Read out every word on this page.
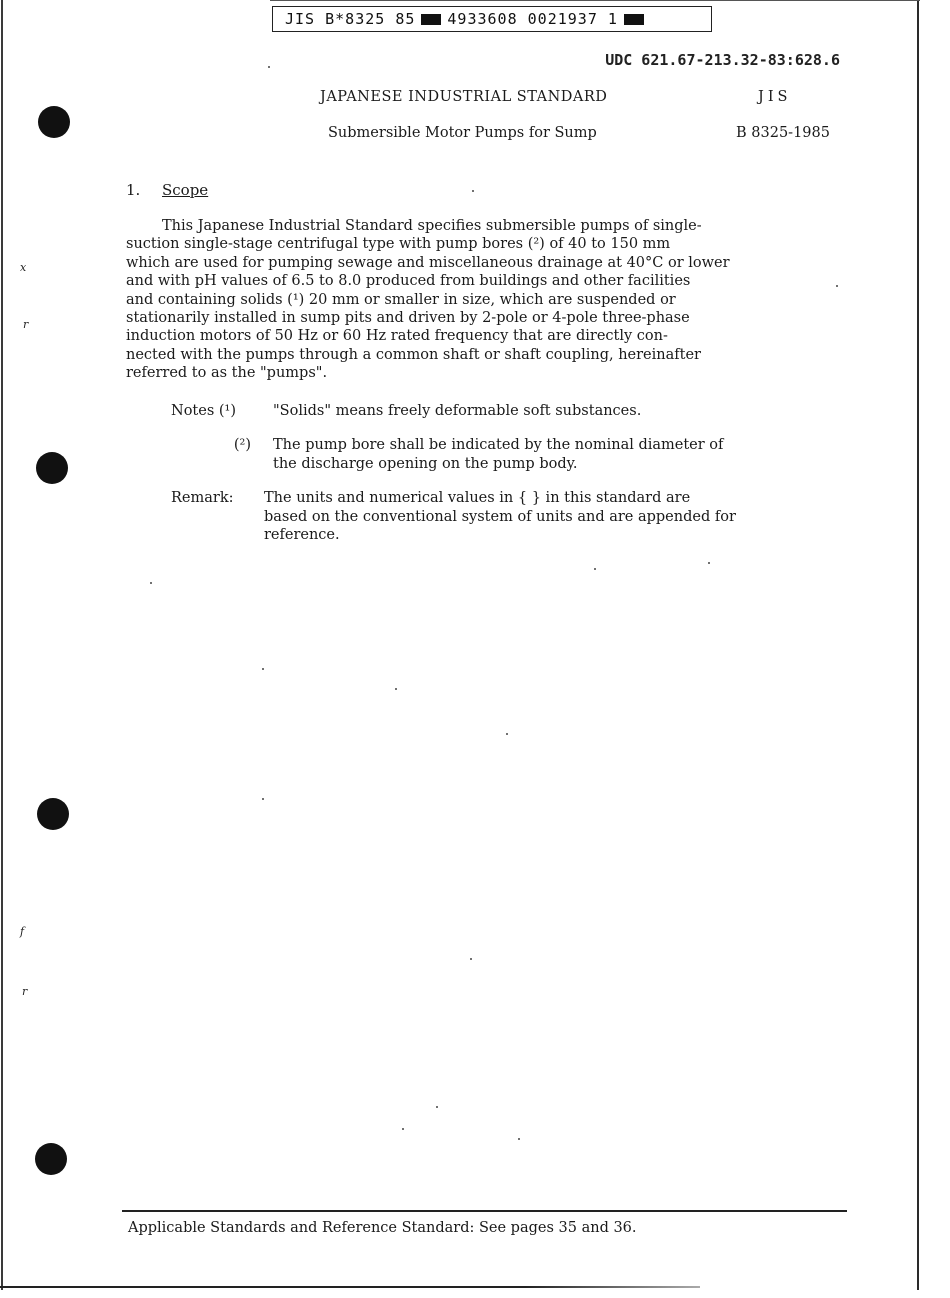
x
r
f
r
JIS B*8325 85 4933608 0021937 1
UDC 621.67-213.32-83:628.6
JAPANESE INDUSTRIAL STANDARD	JIS
Submersible Motor Pumps for Sump	B 8325-1985
1. Scope
This Japanese Industrial Standard specifies submersible pumps of single-
suction single-stage centrifugal type with pump bores (²) of 40 to 150 mm
which are used for pumping sewage and miscellaneous drainage at 40°C or lower
and with pH values of 6.5 to 8.0 produced from buildings and other facilities
and containing solids (¹) 20 mm or smaller in size, which are suspended or
stationarily installed in sump pits and driven by 2-pole or 4-pole three-phase
induction motors of 50 Hz or 60 Hz rated frequency that are directly con-
nected with the pumps through a common shaft or shaft coupling, hereinafter
referred to as the "pumps".
Notes (¹)	"Solids" means freely deformable soft substances.
(²)	The pump bore shall be indicated by the nominal diameter of
the discharge opening on the pump body.
Remark:	The units and numerical values in { } in this standard are
based on the conventional system of units and are appended for
reference.
Applicable Standards and Reference Standard: See pages 35 and 36.
